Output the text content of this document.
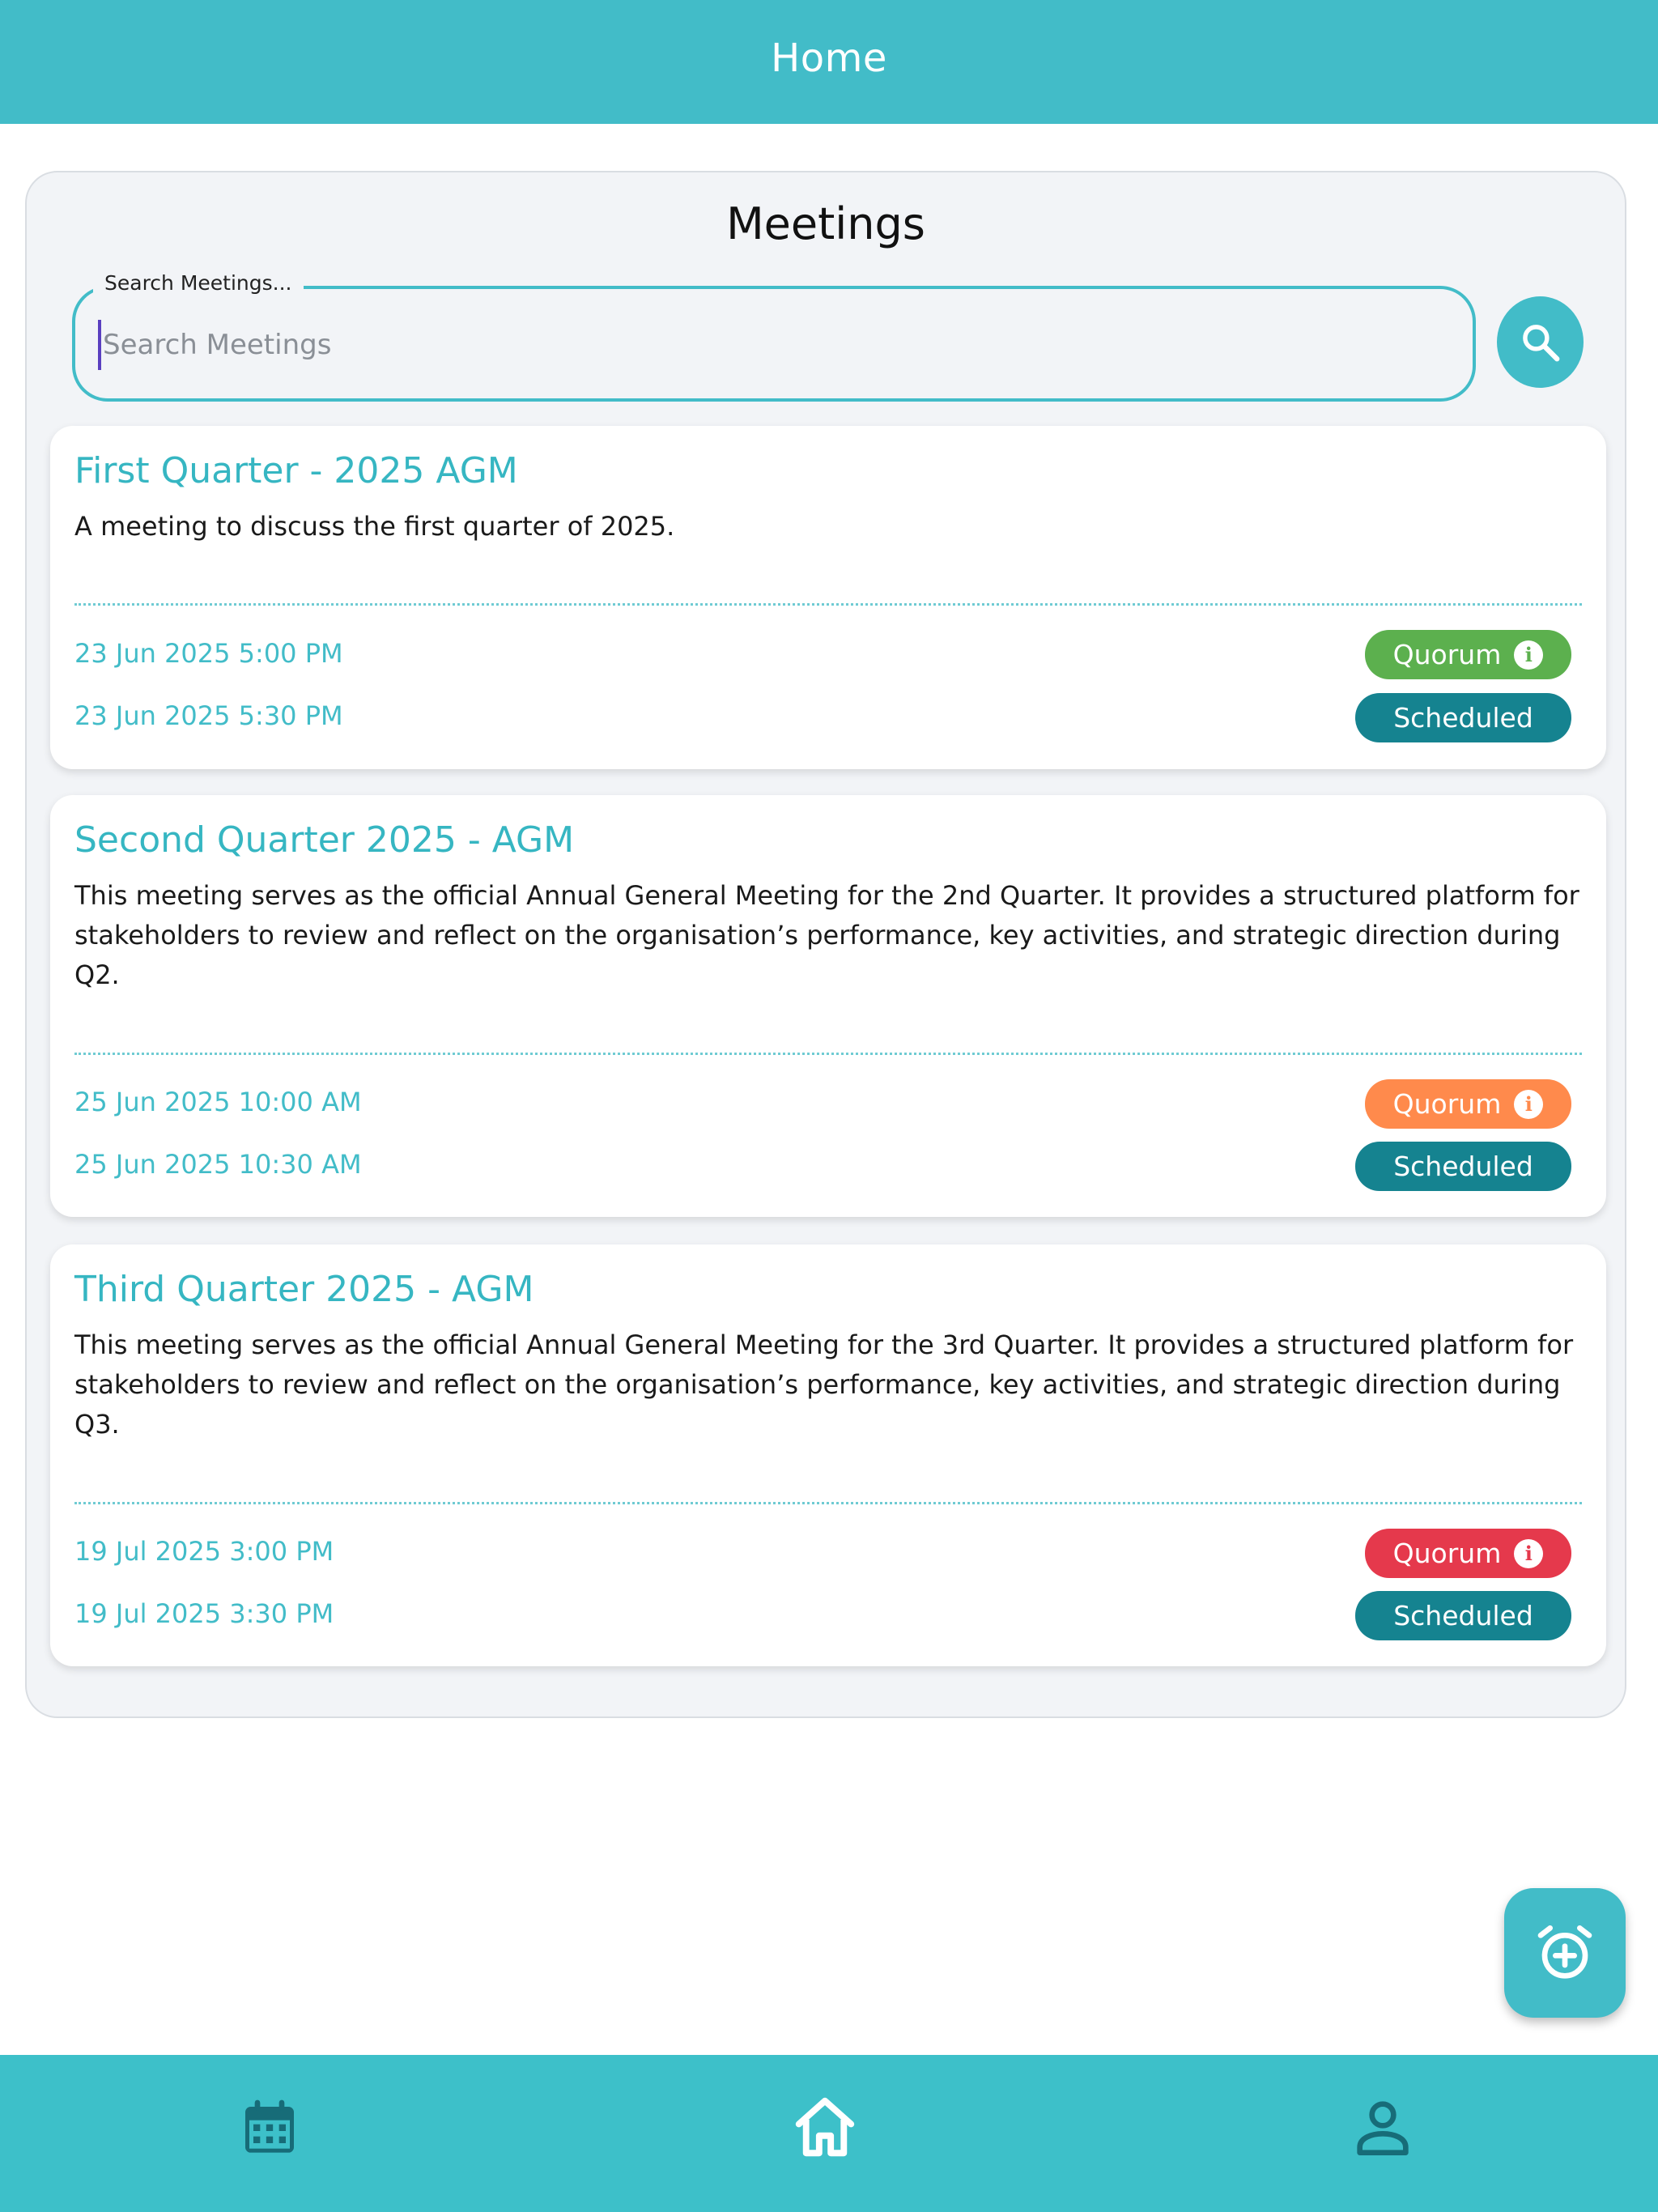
Home
Meetings
Search Meetings...
Search Meetings
First Quarter - 2025 AGM
A meeting to discuss the first quarter of 2025.
23 Jun 2025 5:00 PM
23 Jun 2025 5:30 PM
Quorum	i
Scheduled
Second Quarter 2025 - AGM
This meeting serves as the official Annual General Meeting for the 2nd Quarter. It provides a structured platform for stakeholders to review and reflect on the organisation’s performance, key activities, and strategic direction during Q2.
25 Jun 2025 10:00 AM
25 Jun 2025 10:30 AM
Quorum	i
Scheduled
Third Quarter 2025 - AGM
This meeting serves as the official Annual General Meeting for the 3rd Quarter. It provides a structured platform for stakeholders to review and reflect on the organisation’s performance, key activities, and strategic direction during Q3.
19 Jul 2025 3:00 PM
19 Jul 2025 3:30 PM
Quorum	i
Scheduled
